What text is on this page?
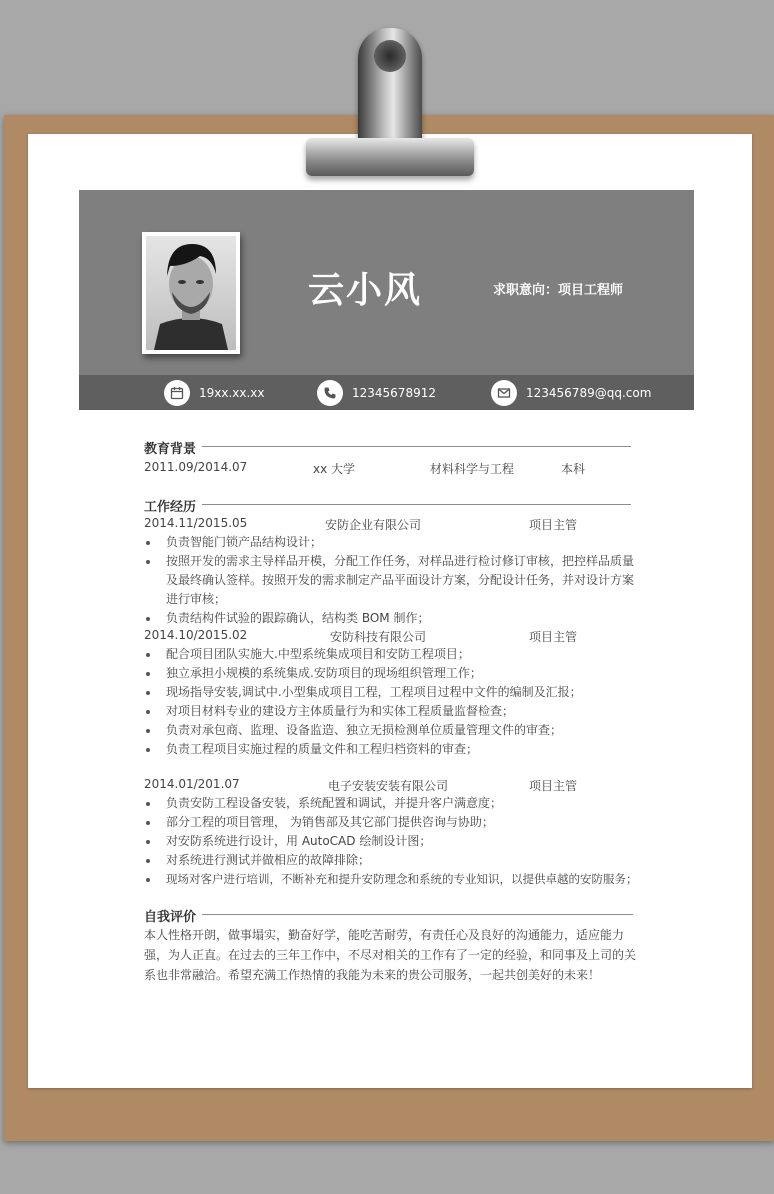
云小风	求职意向：项目工程师
19xx.xx.xx	12345678912	123456789@qq.com
教育背景
2011.09/2014.07	xx 大学	材料科学与工程	本科
工作经历
2014.11/2015.05	安防企业有限公司	项目主管
负责智能门锁产品结构设计；
按照开发的需求主导样品开模，分配工作任务，对样品进行检讨修订审核，把控样品质量及最终确认签样。按照开发的需求制定产品平面设计方案，分配设计任务，并对设计方案进行审核；
负责结构件试验的跟踪确认，结构类 BOM 制作；
2014.10/2015.02	安防科技有限公司	项目主管
配合项目团队实施大.中型系统集成项目和安防工程项目；
独立承担小规模的系统集成.安防项目的现场组织管理工作；
现场指导安装,调试中.小型集成项目工程，工程项目过程中文件的编制及汇报；
对项目材料专业的建设方主体质量行为和实体工程质量监督检查；
负责对承包商、监理、设备监造、独立无损检测单位质量管理文件的审查；
负责工程项目实施过程的质量文件和工程归档资料的审查；
2014.01/201.07	电子安装安装有限公司	项目主管
负责安防工程设备安装，系统配置和调试，并提升客户满意度；
部分工程的项目管理， 为销售部及其它部门提供咨询与协助；
对安防系统进行设计，用 AutoCAD 绘制设计图；
对系统进行测试并做相应的故障排除；
现场对客户进行培训，不断补充和提升安防理念和系统的专业知识，以提供卓越的安防服务；
自我评价
本人性格开朗，做事塌实，勤奋好学，能吃苦耐劳，有责任心及良好的沟通能力，适应能力强，为人正直。在过去的三年工作中，不尽对相关的工作有了一定的经验，和同事及上司的关系也非常融洽。希望充满工作热情的我能为未来的贵公司服务，一起共创美好的未来！
